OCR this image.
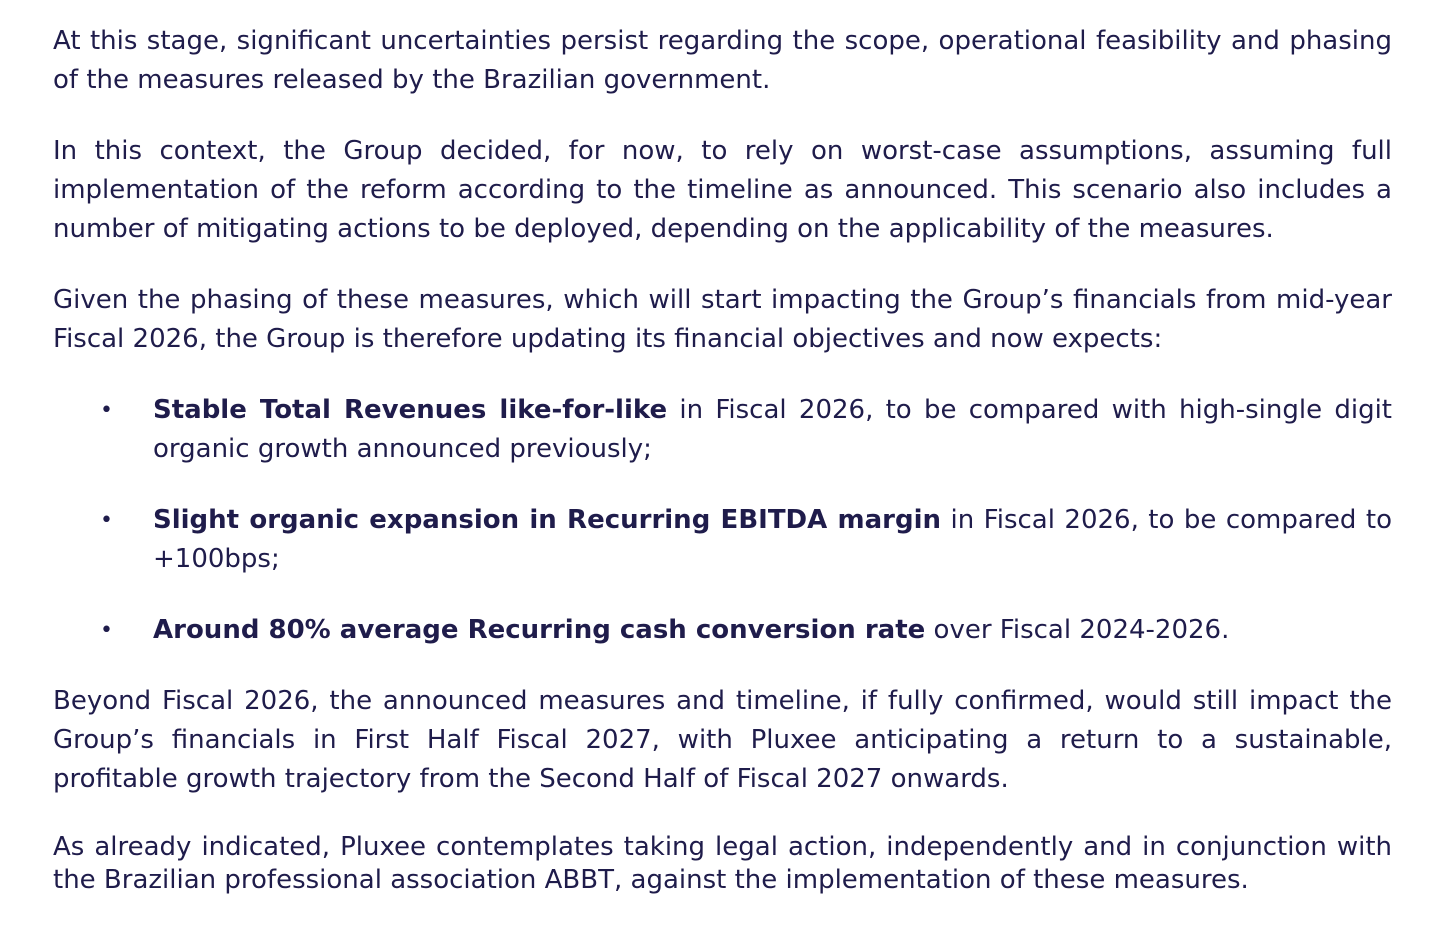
At this stage, significant uncertainties persist regarding the scope, operational feasibility and phasing of the measures released by the Brazilian government.

In this context, the Group decided, for now, to rely on worst-case assumptions, assuming full implementation of the reform according to the timeline as announced. This scenario also includes a number of mitigating actions to be deployed, depending on the applicability of the measures.

Given the phasing of these measures, which will start impacting the Group’s financials from mid-year Fiscal 2026, the Group is therefore updating its financial objectives and now expects:

• Stable Total Revenues like-for-like in Fiscal 2026, to be compared with high-single digit organic growth announced previously;
• Slight organic expansion in Recurring EBITDA margin in Fiscal 2026, to be compared to +100bps;
• Around 80% average Recurring cash conversion rate over Fiscal 2024-2026.

Beyond Fiscal 2026, the announced measures and timeline, if fully confirmed, would still impact the Group’s financials in First Half Fiscal 2027, with Pluxee anticipating a return to a sustainable, profitable growth trajectory from the Second Half of Fiscal 2027 onwards.

As already indicated, Pluxee contemplates taking legal action, independently and in conjunction with the Brazilian professional association ABBT, against the implementation of these measures.
